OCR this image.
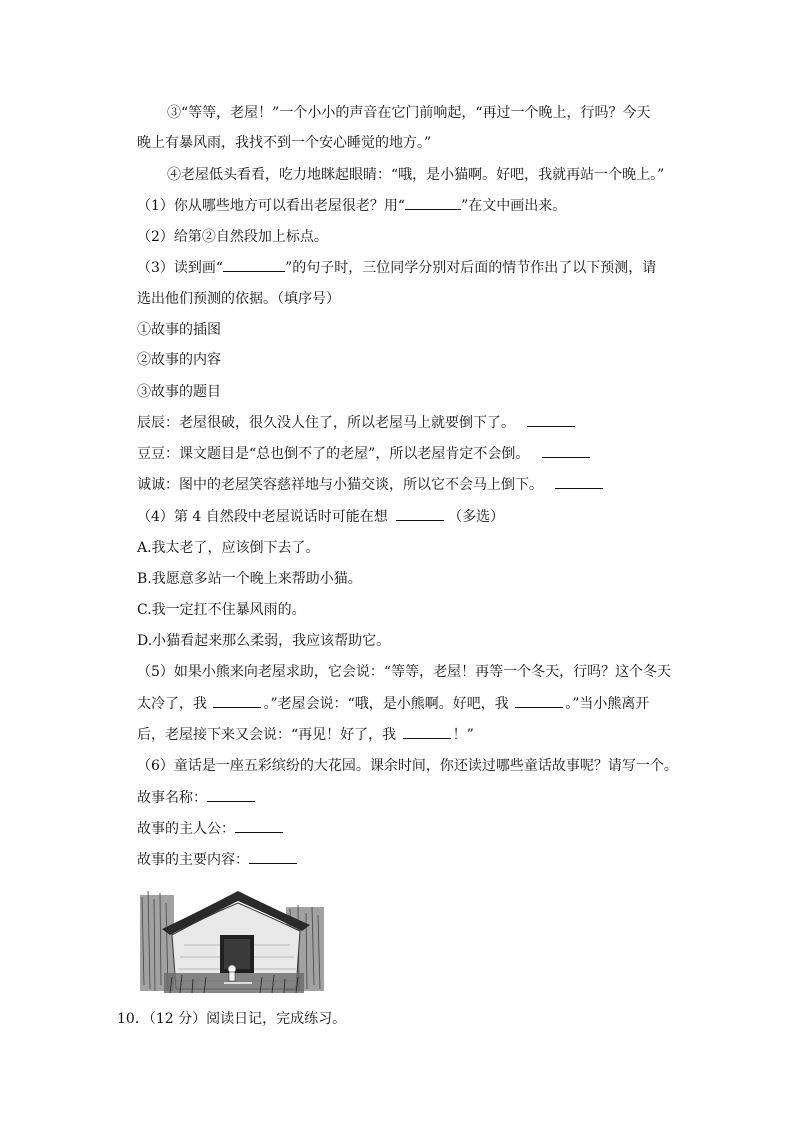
③“等等，老屋！”一个小小的声音在它门前响起，“再过一个晚上，行吗？今天
晚上有暴风雨，我找不到一个安心睡觉的地方。”
④老屋低头看看，吃力地眯起眼睛：“哦，是小猫啊。好吧，我就再站一个晚上。”
（1）你从哪些地方可以看出老屋很老？用“	”在文中画出来。
（2）给第②自然段加上标点。
（3）读到画“	”的句子时，三位同学分别对后面的情节作出了以下预测，请
选出他们预测的依据。（填序号）
①故事的插图
②故事的内容
③故事的题目
辰辰：老屋很破，很久没人住了，所以老屋马上就要倒下了。
豆豆：课文题目是“总也倒不了的老屋”，所以老屋肯定不会倒。
诚诚：图中的老屋笑容慈祥地与小猫交谈，所以它不会马上倒下。
（4）第 4 自然段中老屋说话时可能在想	（多选）
A.我太老了，应该倒下去了。
B.我愿意多站一个晚上来帮助小猫。
C.我一定扛不住暴风雨的。
D.小猫看起来那么柔弱，我应该帮助它。
（5）如果小熊来向老屋求助，它会说：“等等，老屋！再等一个冬天，行吗？这个冬天
太冷了，我	。”老屋会说：“哦，是小熊啊。好吧，我	。”当小熊离开
后，老屋接下来又会说：“再见！好了，我	！”
（6）童话是一座五彩缤纷的大花园。课余时间，你还读过哪些童话故事呢？请写一个。
故事名称：
故事的主人公：
故事的主要内容：
10．（12 分）阅读日记，完成练习。
